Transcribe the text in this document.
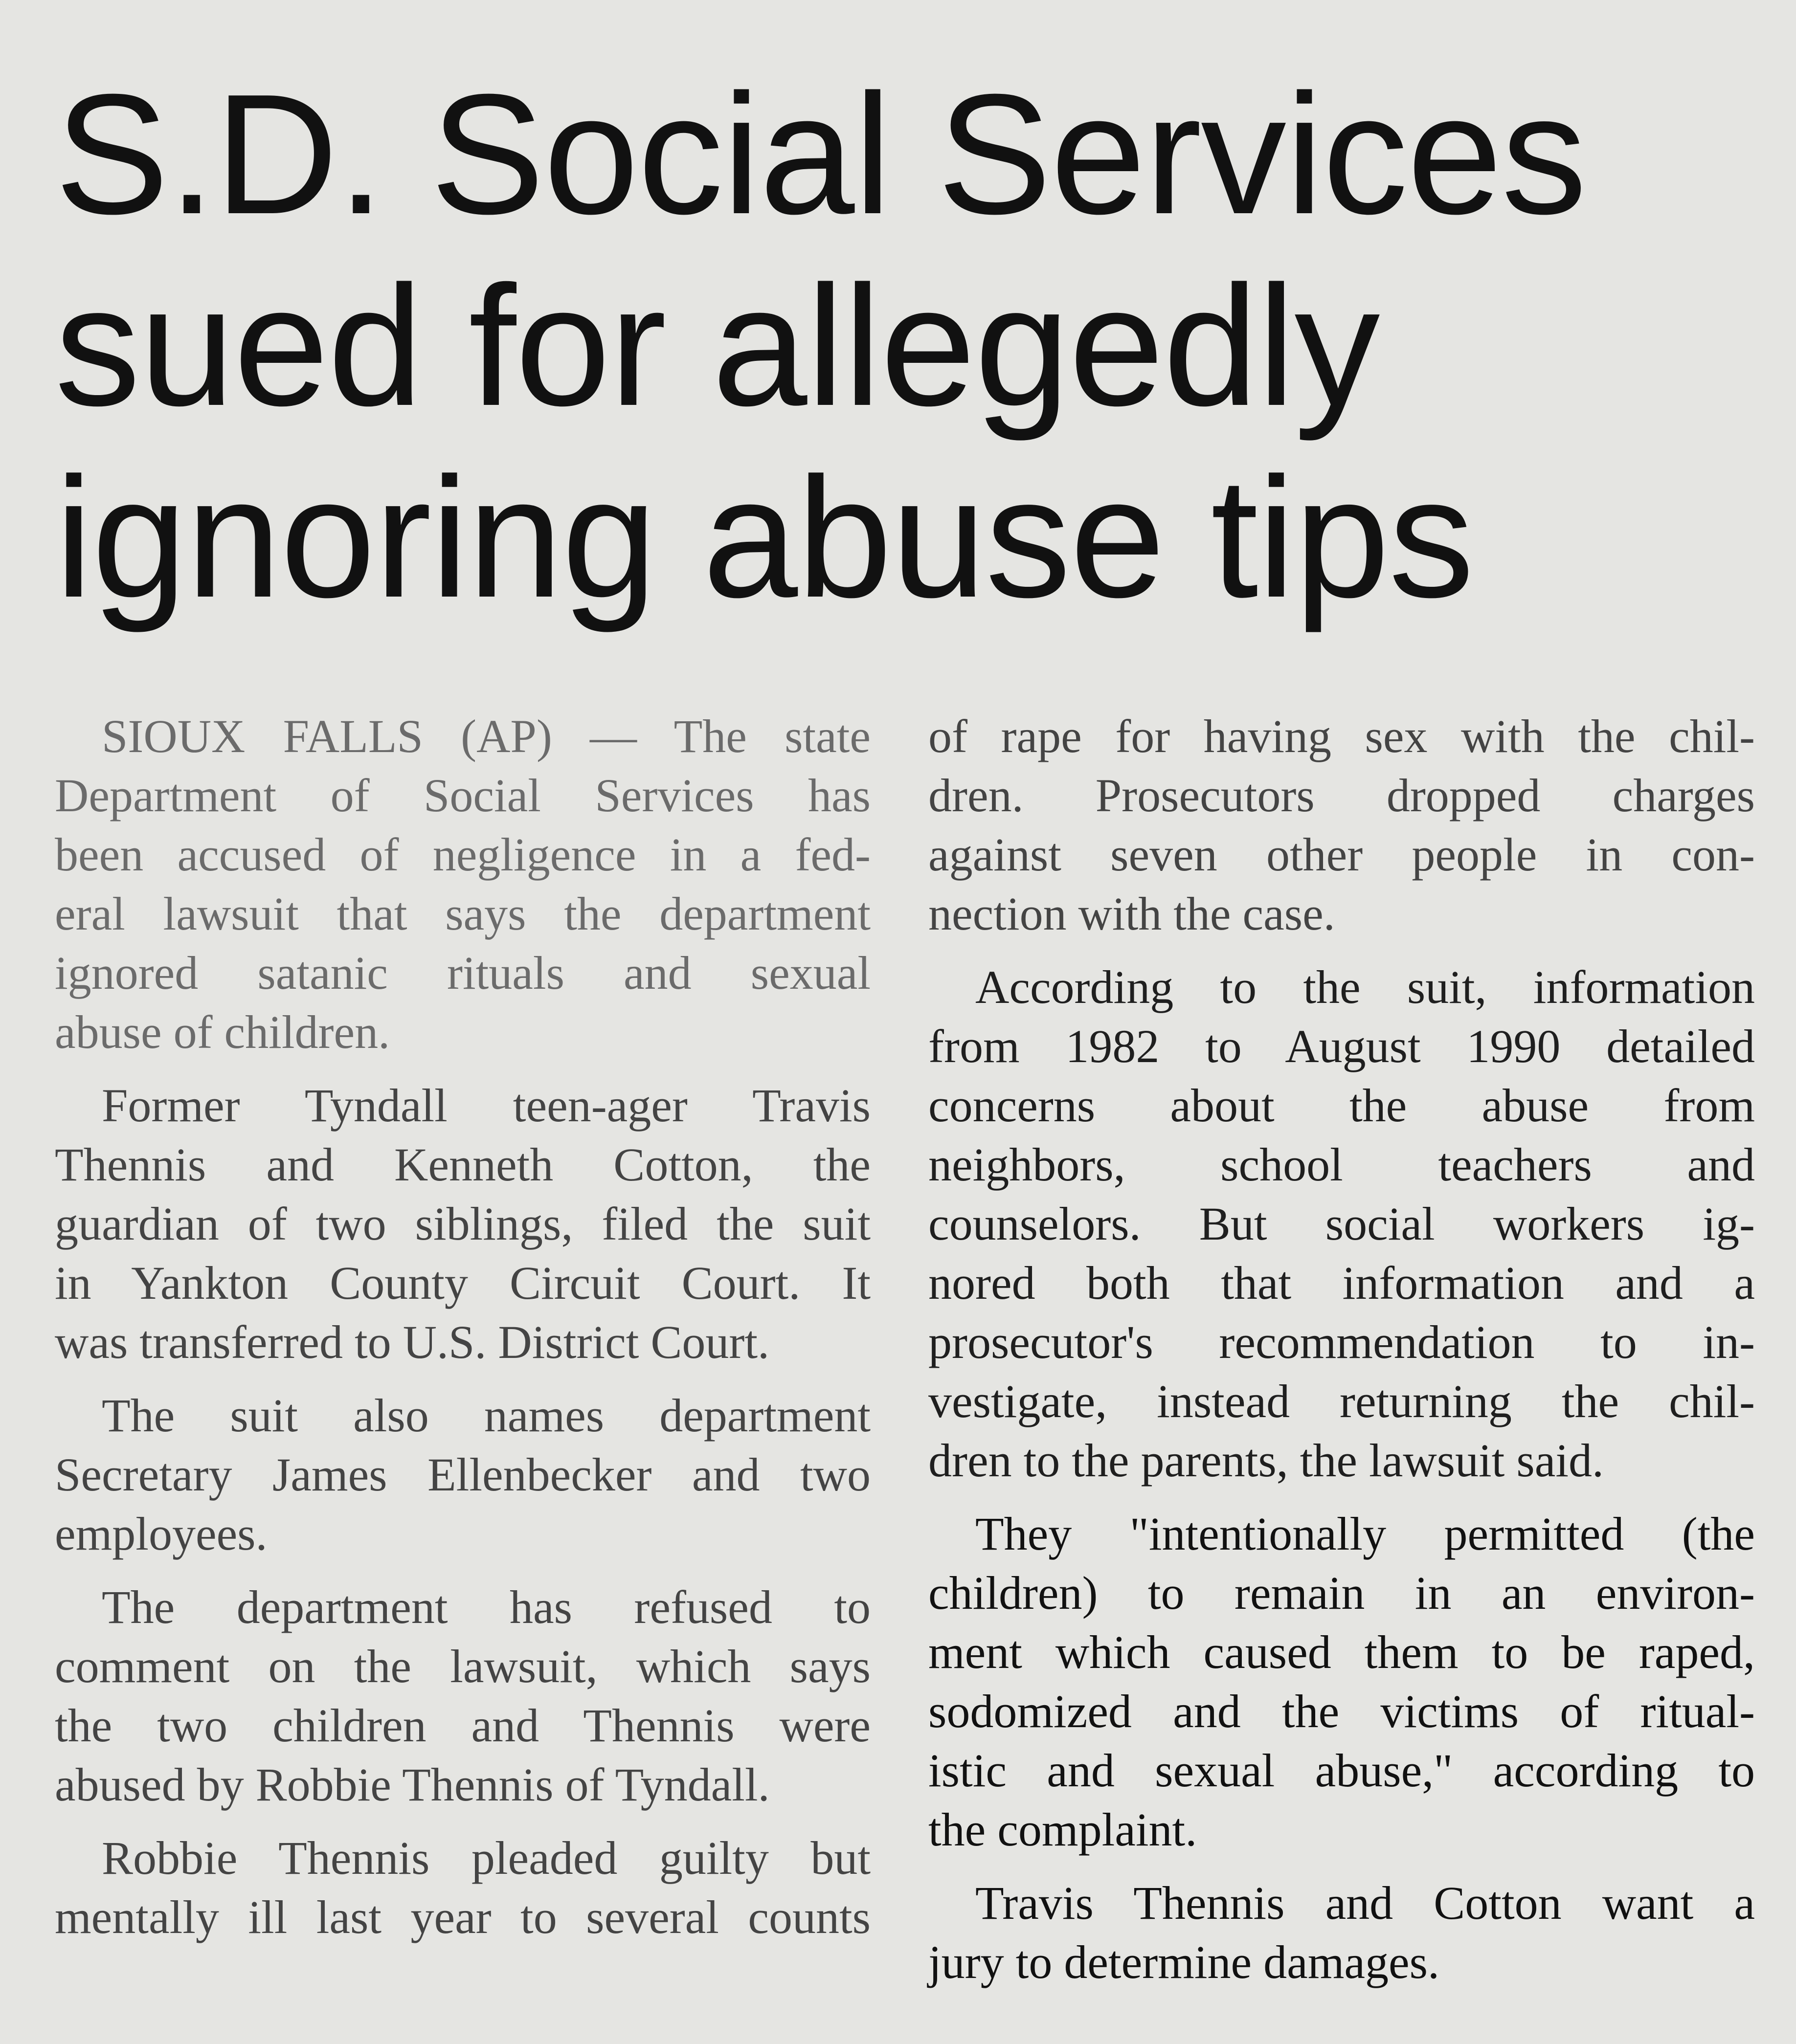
S.D. Social Services
sued for allegedly
ignoring abuse tips

SIOUX FALLS (AP) — The state
Department of Social Services has
been accused of negligence in a fed-
eral lawsuit that says the department
ignored satanic rituals and sexual
abuse of children.

Former Tyndall teen-ager Travis
Thennis and Kenneth Cotton, the
guardian of two siblings, filed the suit
in Yankton County Circuit Court. It
was transferred to U.S. District Court.

The suit also names department
Secretary James Ellenbecker and two
employees.

The department has refused to
comment on the lawsuit, which says
the two children and Thennis were
abused by Robbie Thennis of Tyndall.

Robbie Thennis pleaded guilty but
mentally ill last year to several counts

of rape for having sex with the chil-
dren. Prosecutors dropped charges
against seven other people in con-
nection with the case.

According to the suit, information
from 1982 to August 1990 detailed
concerns about the abuse from
neighbors, school teachers and
counselors. But social workers ig-
nored both that information and a
prosecutor's recommendation to in-
vestigate, instead returning the chil-
dren to the parents, the lawsuit said.

They "intentionally permitted (the
children) to remain in an environ-
ment which caused them to be raped,
sodomized and the victims of ritual-
istic and sexual abuse," according to
the complaint.

Travis Thennis and Cotton want a
jury to determine damages.
